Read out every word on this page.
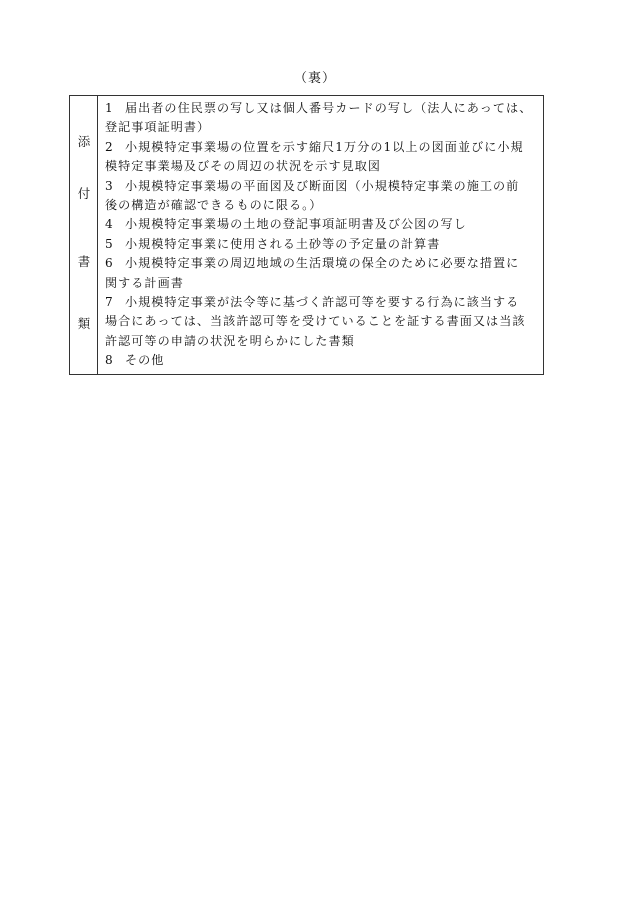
（裏）
添
付
書
類
1 届出者の住民票の写し又は個人番号カードの写し（法人にあっては、
登記事項証明書）
2 小規模特定事業場の位置を示す縮尺1万分の1以上の図面並びに小規
模特定事業場及びその周辺の状況を示す見取図
3 小規模特定事業場の平面図及び断面図（小規模特定事業の施工の前
後の構造が確認できるものに限る。）
4 小規模特定事業場の土地の登記事項証明書及び公図の写し
5 小規模特定事業に使用される土砂等の予定量の計算書
6 小規模特定事業の周辺地域の生活環境の保全のために必要な措置に
関する計画書
7 小規模特定事業が法令等に基づく許認可等を要する行為に該当する
場合にあっては、当該許認可等を受けていることを証する書面又は当該
許認可等の申請の状況を明らかにした書類
8 その他
